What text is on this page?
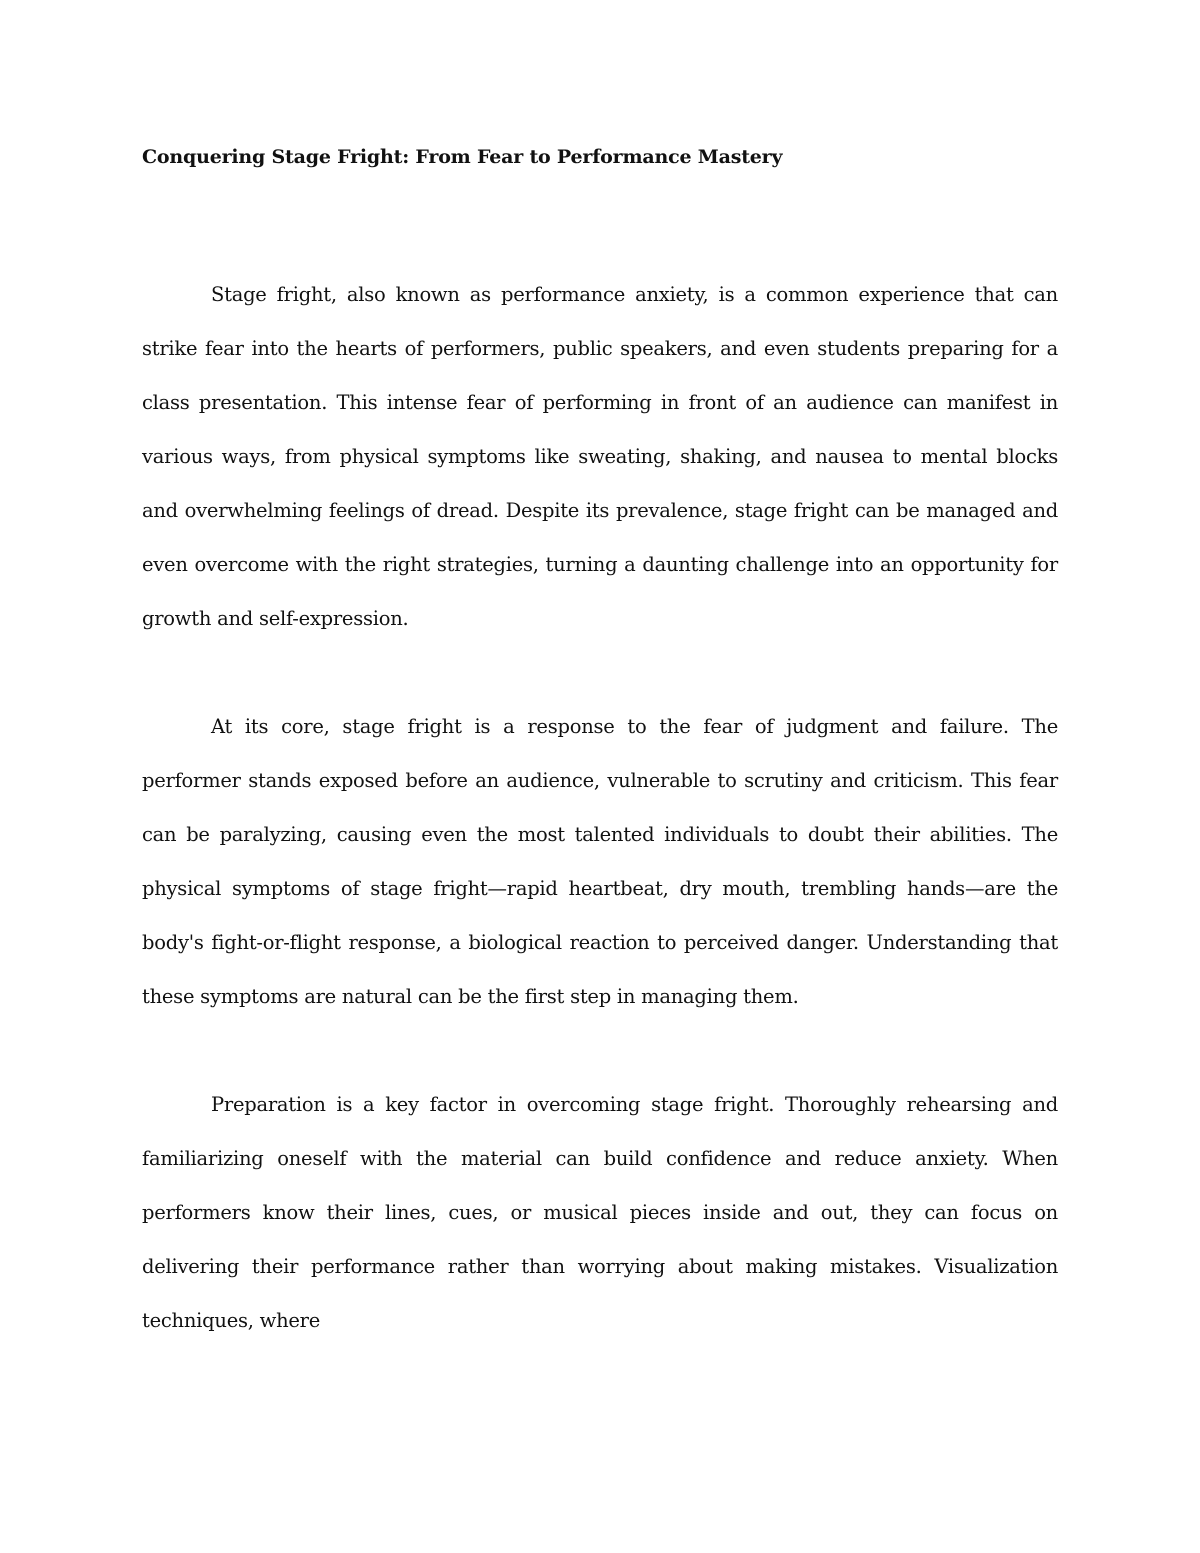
Conquering Stage Fright: From Fear to Performance Mastery

Stage fright, also known as performance anxiety, is a common experience that can strike fear into the hearts of performers, public speakers, and even students preparing for a class presentation. This intense fear of performing in front of an audience can manifest in various ways, from physical symptoms like sweating, shaking, and nausea to mental blocks and overwhelming feelings of dread. Despite its prevalence, stage fright can be managed and even overcome with the right strategies, turning a daunting challenge into an opportunity for growth and self-expression.

At its core, stage fright is a response to the fear of judgment and failure. The performer stands exposed before an audience, vulnerable to scrutiny and criticism. This fear can be paralyzing, causing even the most talented individuals to doubt their abilities. The physical symptoms of stage fright—rapid heartbeat, dry mouth, trembling hands—are the body's fight-or-flight response, a biological reaction to perceived danger. Understanding that these symptoms are natural can be the first step in managing them.

Preparation is a key factor in overcoming stage fright. Thoroughly rehearsing and familiarizing oneself with the material can build confidence and reduce anxiety. When performers know their lines, cues, or musical pieces inside and out, they can focus on delivering their performance rather than worrying about making mistakes. Visualization techniques, where
